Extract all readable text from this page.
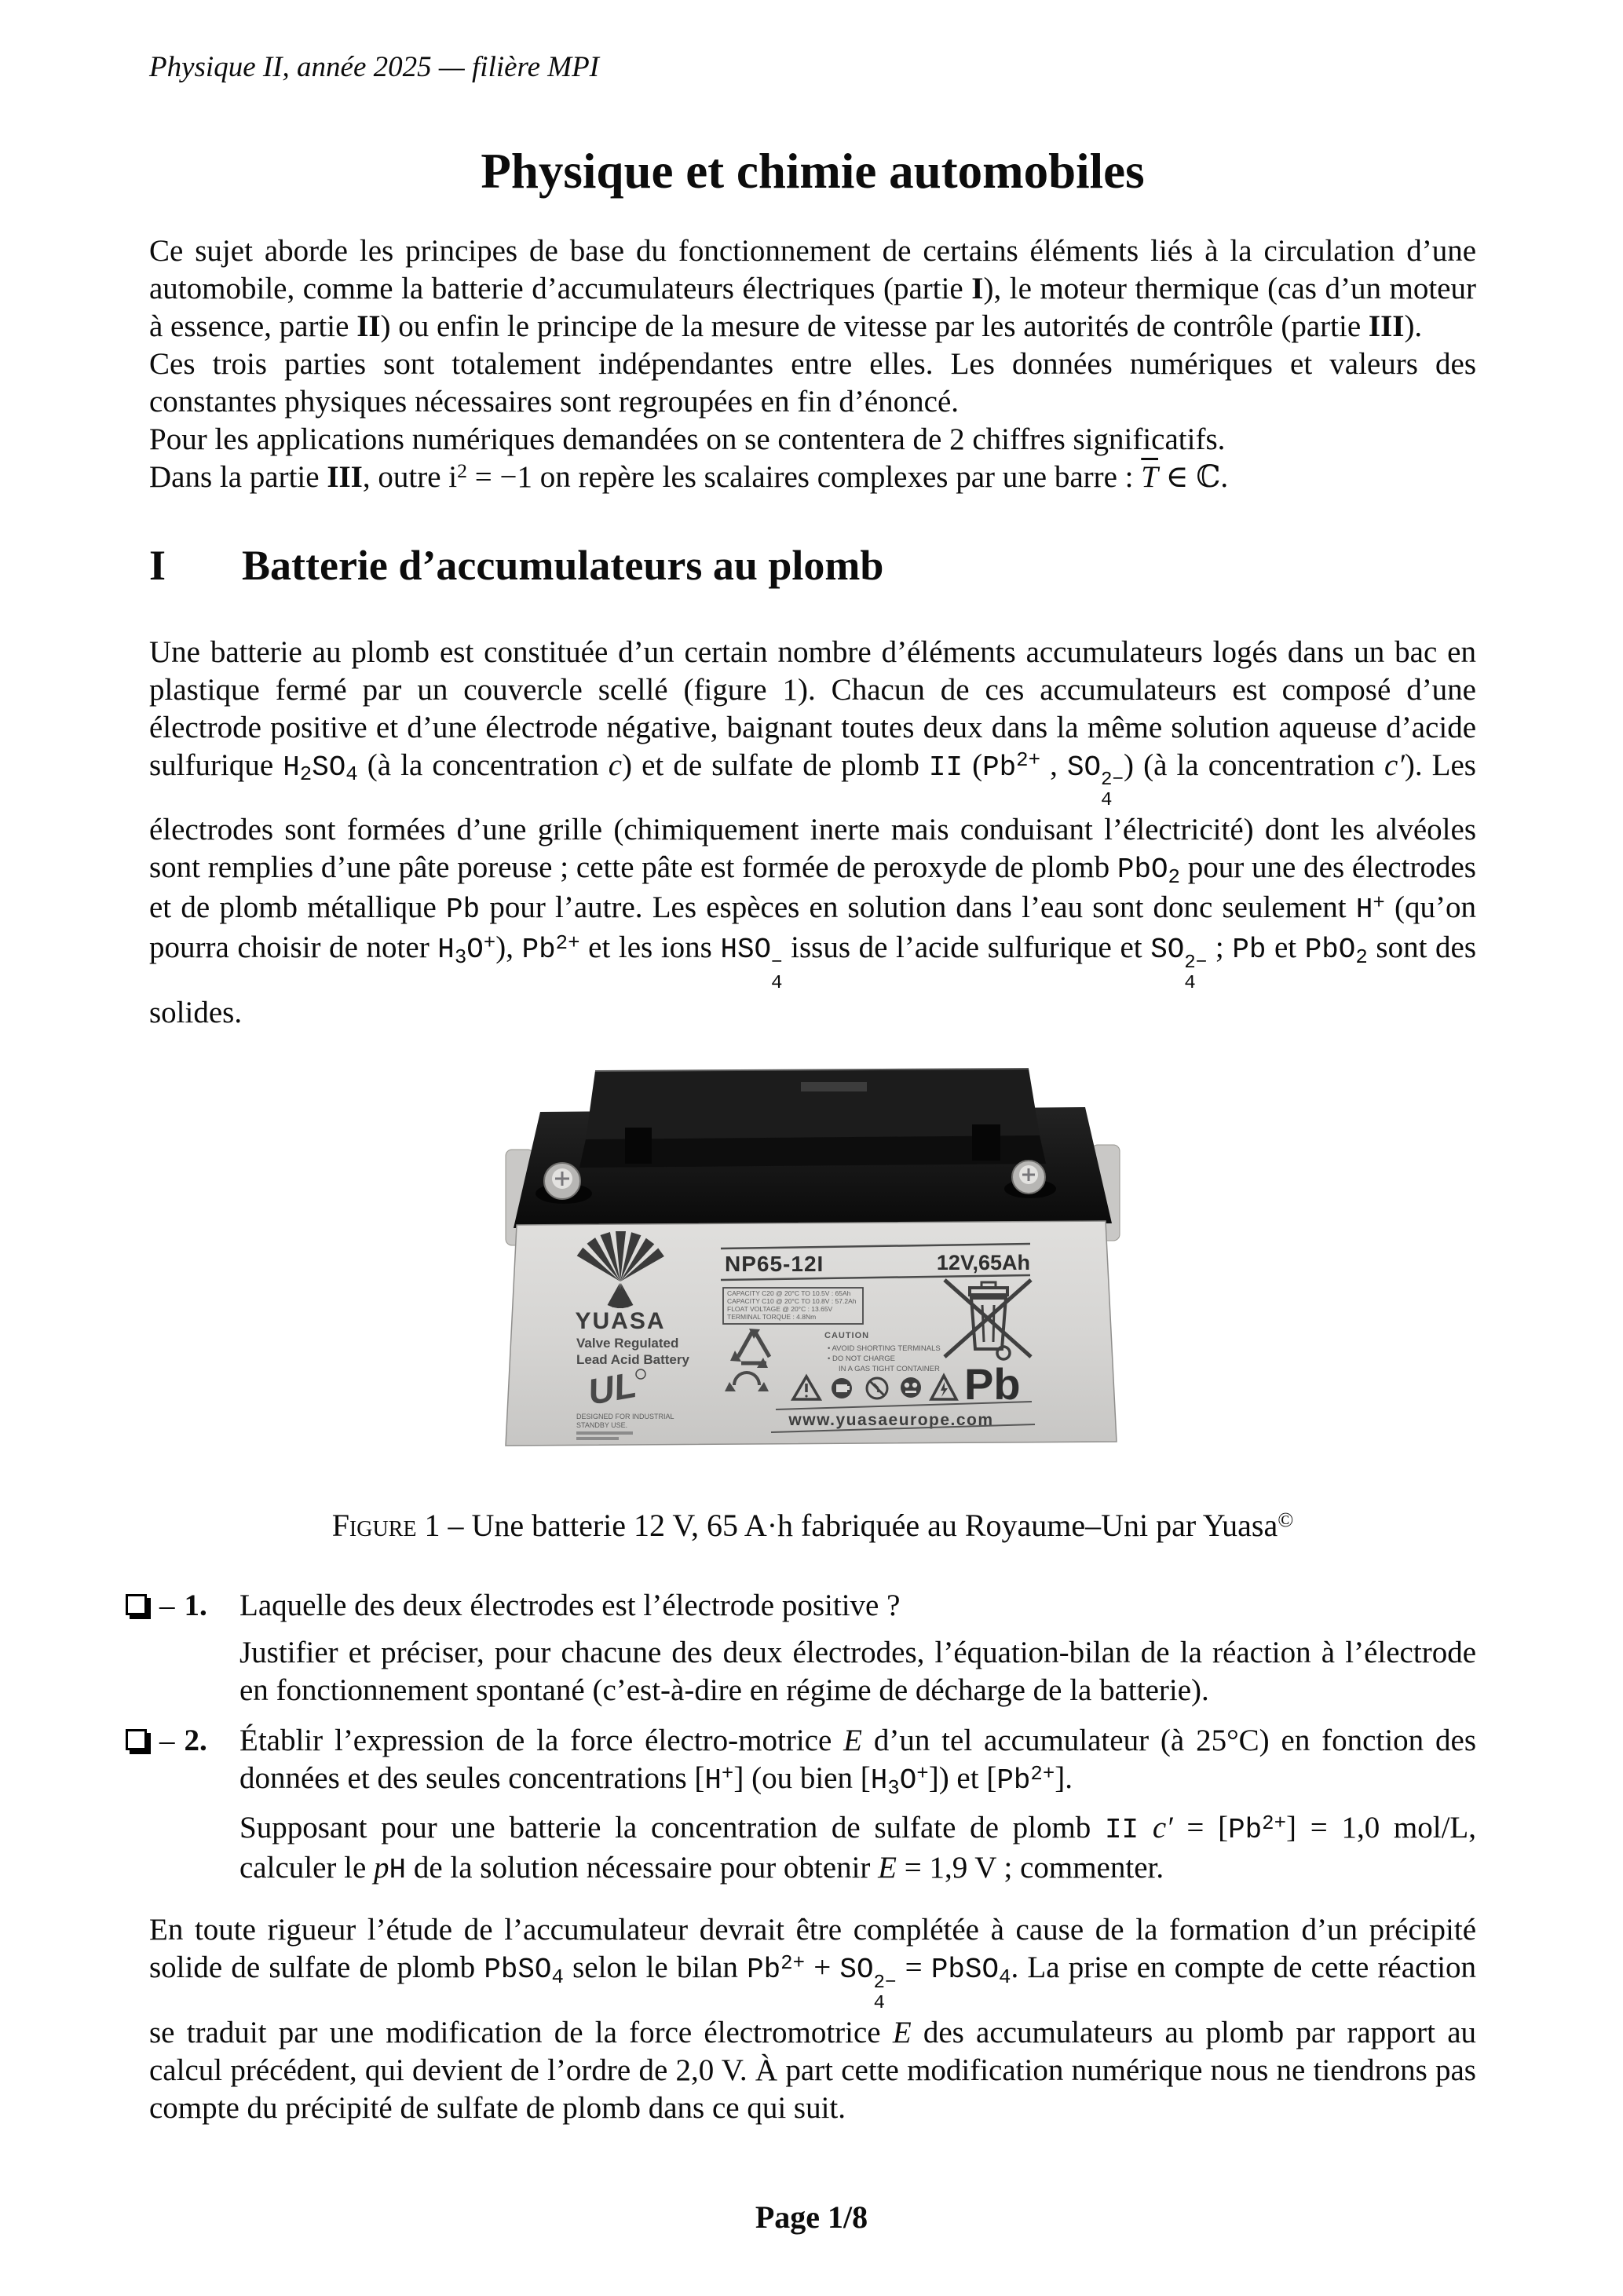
Physique II, année 2025 — filière MPI
Physique et chimie automobiles

Ce sujet aborde les principes de base du fonctionnement de certains éléments liés à la circulation d’une automobile, comme la batterie d’accumulateurs électriques (partie I), le moteur thermique (cas d’un moteur à essence, partie II) ou enfin le principe de la mesure de vitesse par les autorités de contrôle (partie III).

Ces trois parties sont totalement indépendantes entre elles. Les données numériques et valeurs des constantes physiques nécessaires sont regroupées en fin d’énoncé.

Pour les applications numériques demandées on se contentera de 2 chiffres significatifs.

Dans la partie III, outre $i^2 = -1$ on repère les scalaires complexes par une barre : $\overline{T}$ ∈ ℂ.

I Batterie d’accumulateurs au plomb

Une batterie au plomb est constituée d’un certain nombre d’éléments accumulateurs logés dans un bac en plastique fermé par un couvercle scellé (figure 1). Chacun de ces accumulateurs est composé d’une électrode positive et d’une électrode négative, baignant toutes deux dans la même solution aqueuse d’acide sulfurique H2SO4 (à la concentration c) et de sulfate de plomb II ($Pb^{2+}$ , SO 2−
4
) (à la concentration c′). Les électrodes sont formées d’une grille (chimiquement inerte mais conduisant l’électricité) dont les alvéoles sont remplies d’une pâte poreuse ; cette pâte est formée de peroxyde de plomb PbO2 pour une des électrodes et de plomb métallique Pb pour l’autre. Les espèces en solution dans l’eau sont donc seulement H+ (qu’on pourra choisir de noter H3O+), $Pb^{2+}$ et les ions HSO −
4
issus de l’acide sulfurique et SO 2−
4
; Pb et PbO2 sont des solides.

YUASA
Valve Regulated
Lead Acid Battery
UL
DESIGNED FOR INDUSTRIAL
STANDBY USE.
NP65-12I	12V,65Ah
CAPACITY C20 @ 20°C TO 10.5V : 65Ah
CAPACITY C10 @ 20°C TO 10.8V : 57.2Ah
FLOAT VOLTAGE @ 20°C : 13.65V
TERMINAL TORQUE : 4.8Nm
CAUTION
• AVOID SHORTING TERMINALS
• DO NOT CHARGE
IN A GAS TIGHT CONTAINER Pb
www.yuasaeurope.com

Figure 1 – Une batterie 12 V, 65 A·h fabriquée au Royaume–Uni par Yuasa©

– 1.	Laquelle des deux électrodes est l’électrode positive ?

Justifier et préciser, pour chacune des deux électrodes, l’équation-bilan de la réaction à l’électrode en fonctionnement spontané (c’est-à-dire en régime de décharge de la batterie).

– 2.	Établir l’expression de la force électro-motrice E d’un tel accumulateur (à 25°C) en fonction des données et des seules concentrations [H+] (ou bien [H3O+]) et $[Pb^{2+}]$.

Supposant pour une batterie la concentration de sulfate de plomb II $c' = [Pb^{2+}] = 1,0$ mol/L, calculer le pH de la solution nécessaire pour obtenir E = 1,9 V ; commenter.

En toute rigueur l’étude de l’accumulateur devrait être complétée à cause de la formation d’un précipité solide de sulfate de plomb PbSO4 selon le bilan $Pb^{2+}$ + SO 2−
4
= PbSO4. La prise en compte de cette réaction se traduit par une modification de la force électromotrice E des accumulateurs au plomb par rapport au calcul précédent, qui devient de l’ordre de 2,0 V. À part cette modification numérique nous ne tiendrons pas compte du précipité de sulfate de plomb dans ce qui suit.

Page 1/8
